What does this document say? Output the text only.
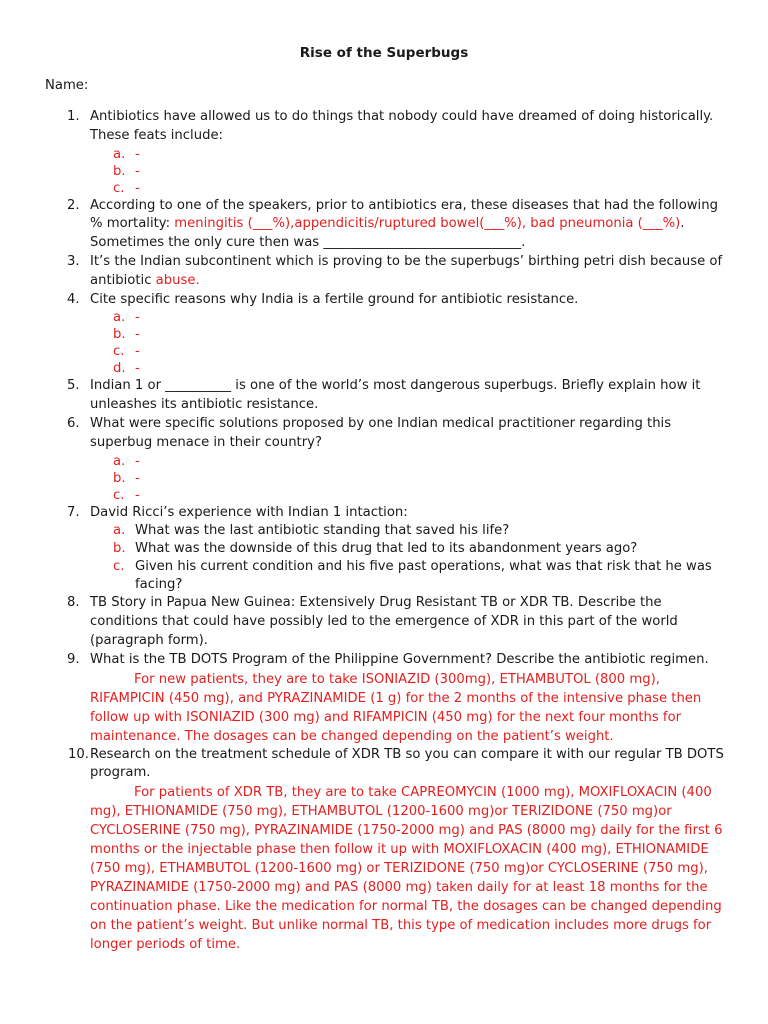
Rise of the Superbugs
Name:
1. Antibiotics have allowed us to do things that nobody could have dreamed of doing historically. These feats include:
a. -
b. -
c. -
2. According to one of the speakers, prior to antibiotics era, these diseases that had the following % mortality: meningitis (___%),appendicitis/ruptured bowel(___%), bad pneumonia (___%). Sometimes the only cure then was ______________________________.
3. It’s the Indian subcontinent which is proving to be the superbugs’ birthing petri dish because of antibiotic abuse.
4. Cite specific reasons why India is a fertile ground for antibiotic resistance.
a. -
b. -
c. -
d. -
5. Indian 1 or __________ is one of the world’s most dangerous superbugs. Briefly explain how it unleashes its antibiotic resistance.
6. What were specific solutions proposed by one Indian medical practitioner regarding this superbug menace in their country?
a. -
b. -
c. -
7. David Ricci’s experience with Indian 1 intaction:
a. What was the last antibiotic standing that saved his life?
b. What was the downside of this drug that led to its abandonment years ago?
c. Given his current condition and his five past operations, what was that risk that he was facing?
8. TB Story in Papua New Guinea: Extensively Drug Resistant TB or XDR TB. Describe the conditions that could have possibly led to the emergence of XDR in this part of the world (paragraph form).
9. What is the TB DOTS Program of the Philippine Government? Describe the antibiotic regimen.
For new patients, they are to take ISONIAZID (300mg), ETHAMBUTOL (800 mg), RIFAMPICIN (450 mg), and PYRAZINAMIDE (1 g) for the 2 months of the intensive phase then follow up with ISONIAZID (300 mg) and RIFAMPICIN (450 mg) for the next four months for maintenance. The dosages can be changed depending on the patient’s weight.
10. Research on the treatment schedule of XDR TB so you can compare it with our regular TB DOTS program.
For patients of XDR TB, they are to take CAPREOMYCIN (1000 mg), MOXIFLOXACIN (400 mg), ETHIONAMIDE (750 mg), ETHAMBUTOL (1200-1600 mg)or TERIZIDONE (750 mg)or CYCLOSERINE (750 mg), PYRAZINAMIDE (1750-2000 mg) and PAS (8000 mg) daily for the first 6 months or the injectable phase then follow it up with MOXIFLOXACIN (400 mg), ETHIONAMIDE (750 mg), ETHAMBUTOL (1200-1600 mg) or TERIZIDONE (750 mg)or CYCLOSERINE (750 mg), PYRAZINAMIDE (1750-2000 mg) and PAS (8000 mg) taken daily for at least 18 months for the continuation phase. Like the medication for normal TB, the dosages can be changed depending on the patient’s weight. But unlike normal TB, this type of medication includes more drugs for longer periods of time.
